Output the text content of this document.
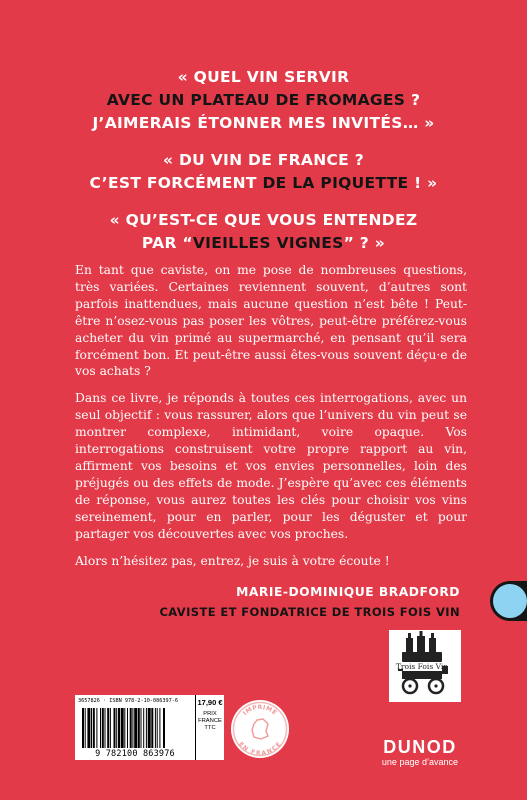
« QUEL VIN SERVIR
AVEC UN PLATEAU DE FROMAGES ?
J’AIMERAIS ÉTONNER MES INVITÉS… »
« DU VIN DE FRANCE ?
C’EST FORCÉMENT DE LA PIQUETTE ! »
« QU’EST-CE QUE VOUS ENTENDEZ
PAR “VIEILLES VIGNES” ? »

En tant que caviste, on me pose de nombreuses questions, très variées. Certaines reviennent souvent, d’autres sont parfois inattendues, mais aucune question n’est bête ! Peut-être n’osez-vous pas poser les vôtres, peut-être préférez-vous acheter du vin primé au supermarché, en pensant qu’il sera forcément bon. Et peut-être aussi êtes-vous souvent déçu·e de vos achats ?

Dans ce livre, je réponds à toutes ces interrogations, avec un seul objectif : vous rassurer, alors que l’univers du vin peut se montrer complexe, intimidant, voire opaque. Vos interrogations construisent votre propre rapport au vin, affirment vos besoins et vos envies personnelles, loin des préjugés ou des effets de mode. J’espère qu’avec ces éléments de réponse, vous aurez toutes les clés pour choisir vos vins sereinement, pour en parler, pour les déguster et pour partager vos découvertes avec vos proches.

Alors n’hésitez pas, entrez, je suis à votre écoute !

MARIE-DOMINIQUE BRADFORD
CAVISTE ET FONDATRICE DE TROIS FOIS VIN
Trois Fois Vin
3657826 · ISBN 978-2-10-086397-6
9 782100 863976
17,90 €
PRIX
FRANCE
TTC
IMPRIMÉ
EN FRANCE	DUNOD
une page d’avance
